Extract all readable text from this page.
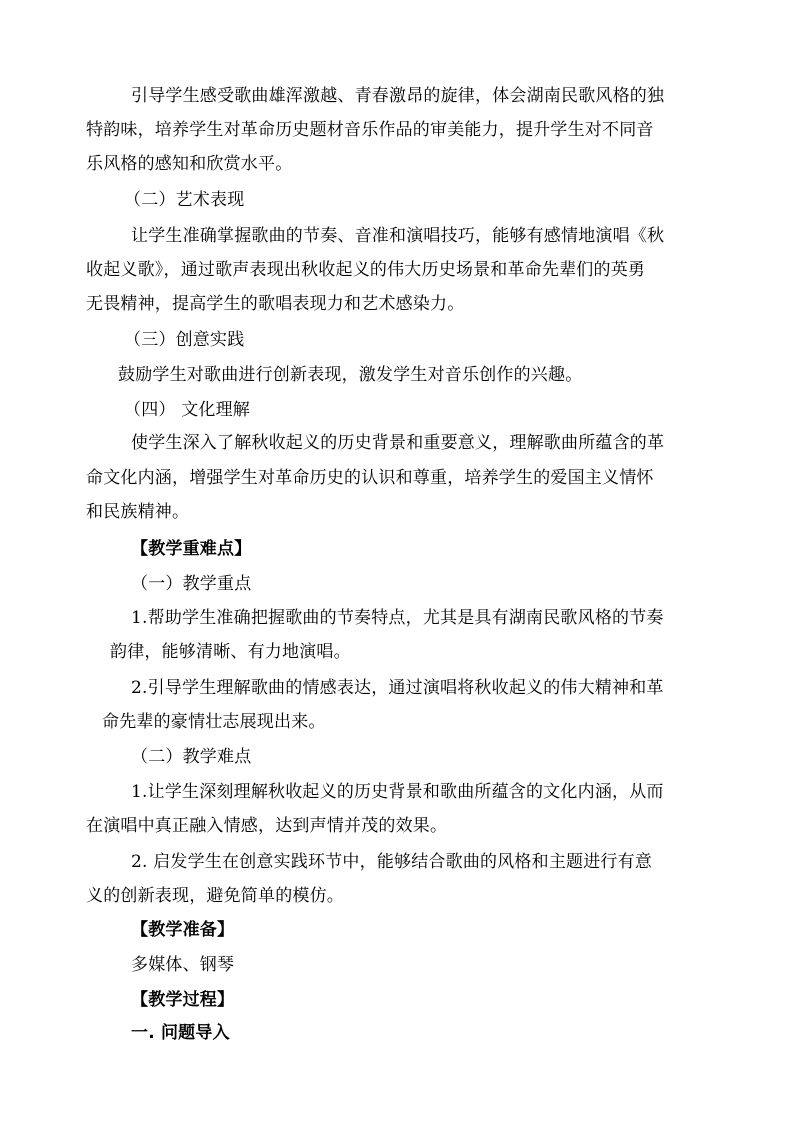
引导学生感受歌曲雄浑激越、青春激昂的旋律，体会湖南民歌风格的独
特韵味，培养学生对革命历史题材音乐作品的审美能力，提升学生对不同音
乐风格的感知和欣赏水平。
（二）艺术表现
让学生准确掌握歌曲的节奏、音准和演唱技巧，能够有感情地演唱《秋
收起义歌》，通过歌声表现出秋收起义的伟大历史场景和革命先辈们的英勇
无畏精神，提高学生的歌唱表现力和艺术感染力。
（三）创意实践
鼓励学生对歌曲进行创新表现，激发学生对音乐创作的兴趣。
（四） 文化理解
使学生深入了解秋收起义的历史背景和重要意义，理解歌曲所蕴含的革
命文化内涵，增强学生对革命历史的认识和尊重，培养学生的爱国主义情怀
和民族精神。
【教学重难点】
（一）教学重点
1.帮助学生准确把握歌曲的节奏特点，尤其是具有湖南民歌风格的节奏
韵律，能够清晰、有力地演唱。
2.引导学生理解歌曲的情感表达，通过演唱将秋收起义的伟大精神和革
命先辈的豪情壮志展现出来。
（二）教学难点
1.让学生深刻理解秋收起义的历史背景和歌曲所蕴含的文化内涵，从而
在演唱中真正融入情感，达到声情并茂的效果。
2. 启发学生在创意实践环节中，能够结合歌曲的风格和主题进行有意
义的创新表现，避免简单的模仿。
【教学准备】
多媒体、钢琴
【教学过程】
一. 问题导入
